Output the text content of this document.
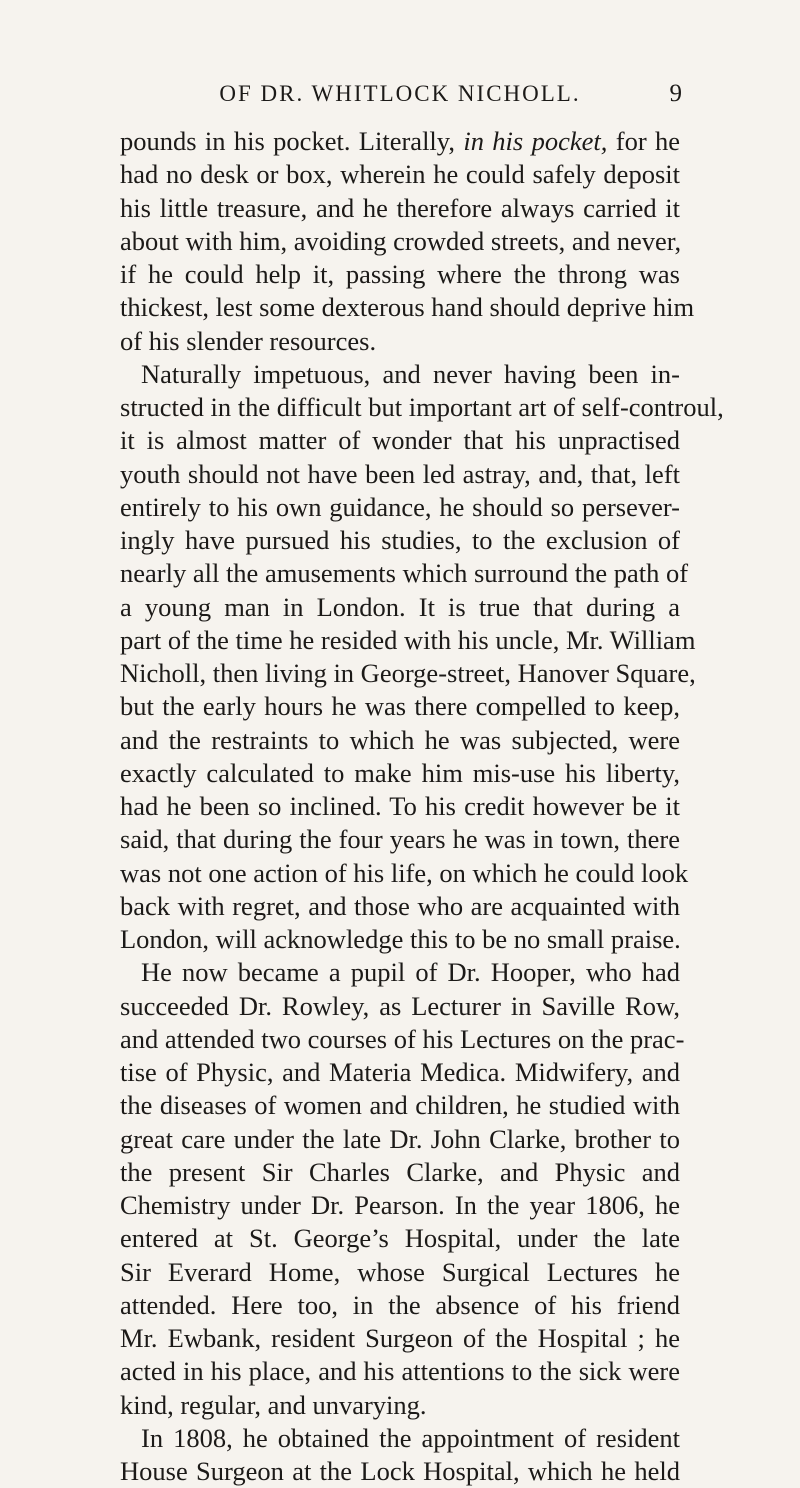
OF DR. WHITLOCK NICHOLL.	9
pounds in his pocket. Literally, in his pocket, for he
had no desk or box, wherein he could safely deposit
his little treasure, and he therefore always carried it
about with him, avoiding crowded streets, and never,
if he could help it, passing where the throng was
thickest, lest some dexterous hand should deprive him
of his slender resources.
Naturally impetuous, and never having been in-
structed in the difficult but important art of self-controul,
it is almost matter of wonder that his unpractised
youth should not have been led astray, and, that, left
entirely to his own guidance, he should so persever-
ingly have pursued his studies, to the exclusion of
nearly all the amusements which surround the path of
a young man in London. It is true that during a
part of the time he resided with his uncle, Mr. William
Nicholl, then living in George-street, Hanover Square,
but the early hours he was there compelled to keep,
and the restraints to which he was subjected, were
exactly calculated to make him mis-use his liberty,
had he been so inclined. To his credit however be it
said, that during the four years he was in town, there
was not one action of his life, on which he could look
back with regret, and those who are acquainted with
London, will acknowledge this to be no small praise.
He now became a pupil of Dr. Hooper, who had
succeeded Dr. Rowley, as Lecturer in Saville Row,
and attended two courses of his Lectures on the prac-
tise of Physic, and Materia Medica. Midwifery, and
the diseases of women and children, he studied with
great care under the late Dr. John Clarke, brother to
the present Sir Charles Clarke, and Physic and
Chemistry under Dr. Pearson. In the year 1806, he
entered at St. George’s Hospital, under the late
Sir Everard Home, whose Surgical Lectures he
attended. Here too, in the absence of his friend
Mr. Ewbank, resident Surgeon of the Hospital ; he
acted in his place, and his attentions to the sick were
kind, regular, and unvarying.
In 1808, he obtained the appointment of resident
House Surgeon at the Lock Hospital, which he held
